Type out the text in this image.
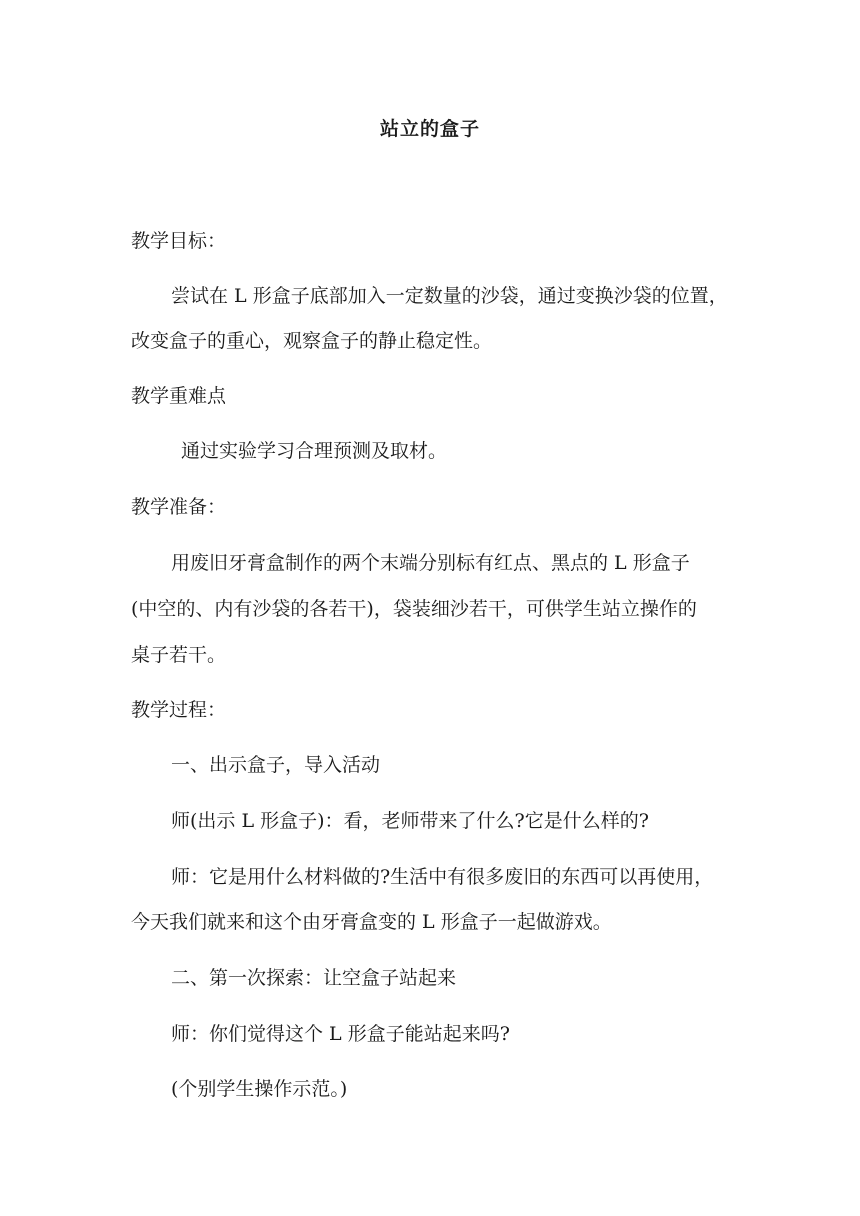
站立的盒子
教学目标：
尝试在 L 形盒子底部加入一定数量的沙袋，通过变换沙袋的位置，
改变盒子的重心，观察盒子的静止稳定性。
教学重难点
通过实验学习合理预测及取材。
教学准备：
用废旧牙膏盒制作的两个末端分别标有红点、黑点的 L 形盒子
(中空的、内有沙袋的各若干)，袋装细沙若干，可供学生站立操作的
桌子若干。
教学过程：
一、出示盒子，导入活动
师(出示 L 形盒子)：看，老师带来了什么?它是什么样的?
师：它是用什么材料做的?生活中有很多废旧的东西可以再使用，
今天我们就来和这个由牙膏盒变的 L 形盒子一起做游戏。
二、第一次探索：让空盒子站起来
师：你们觉得这个 L 形盒子能站起来吗?
(个别学生操作示范。)
